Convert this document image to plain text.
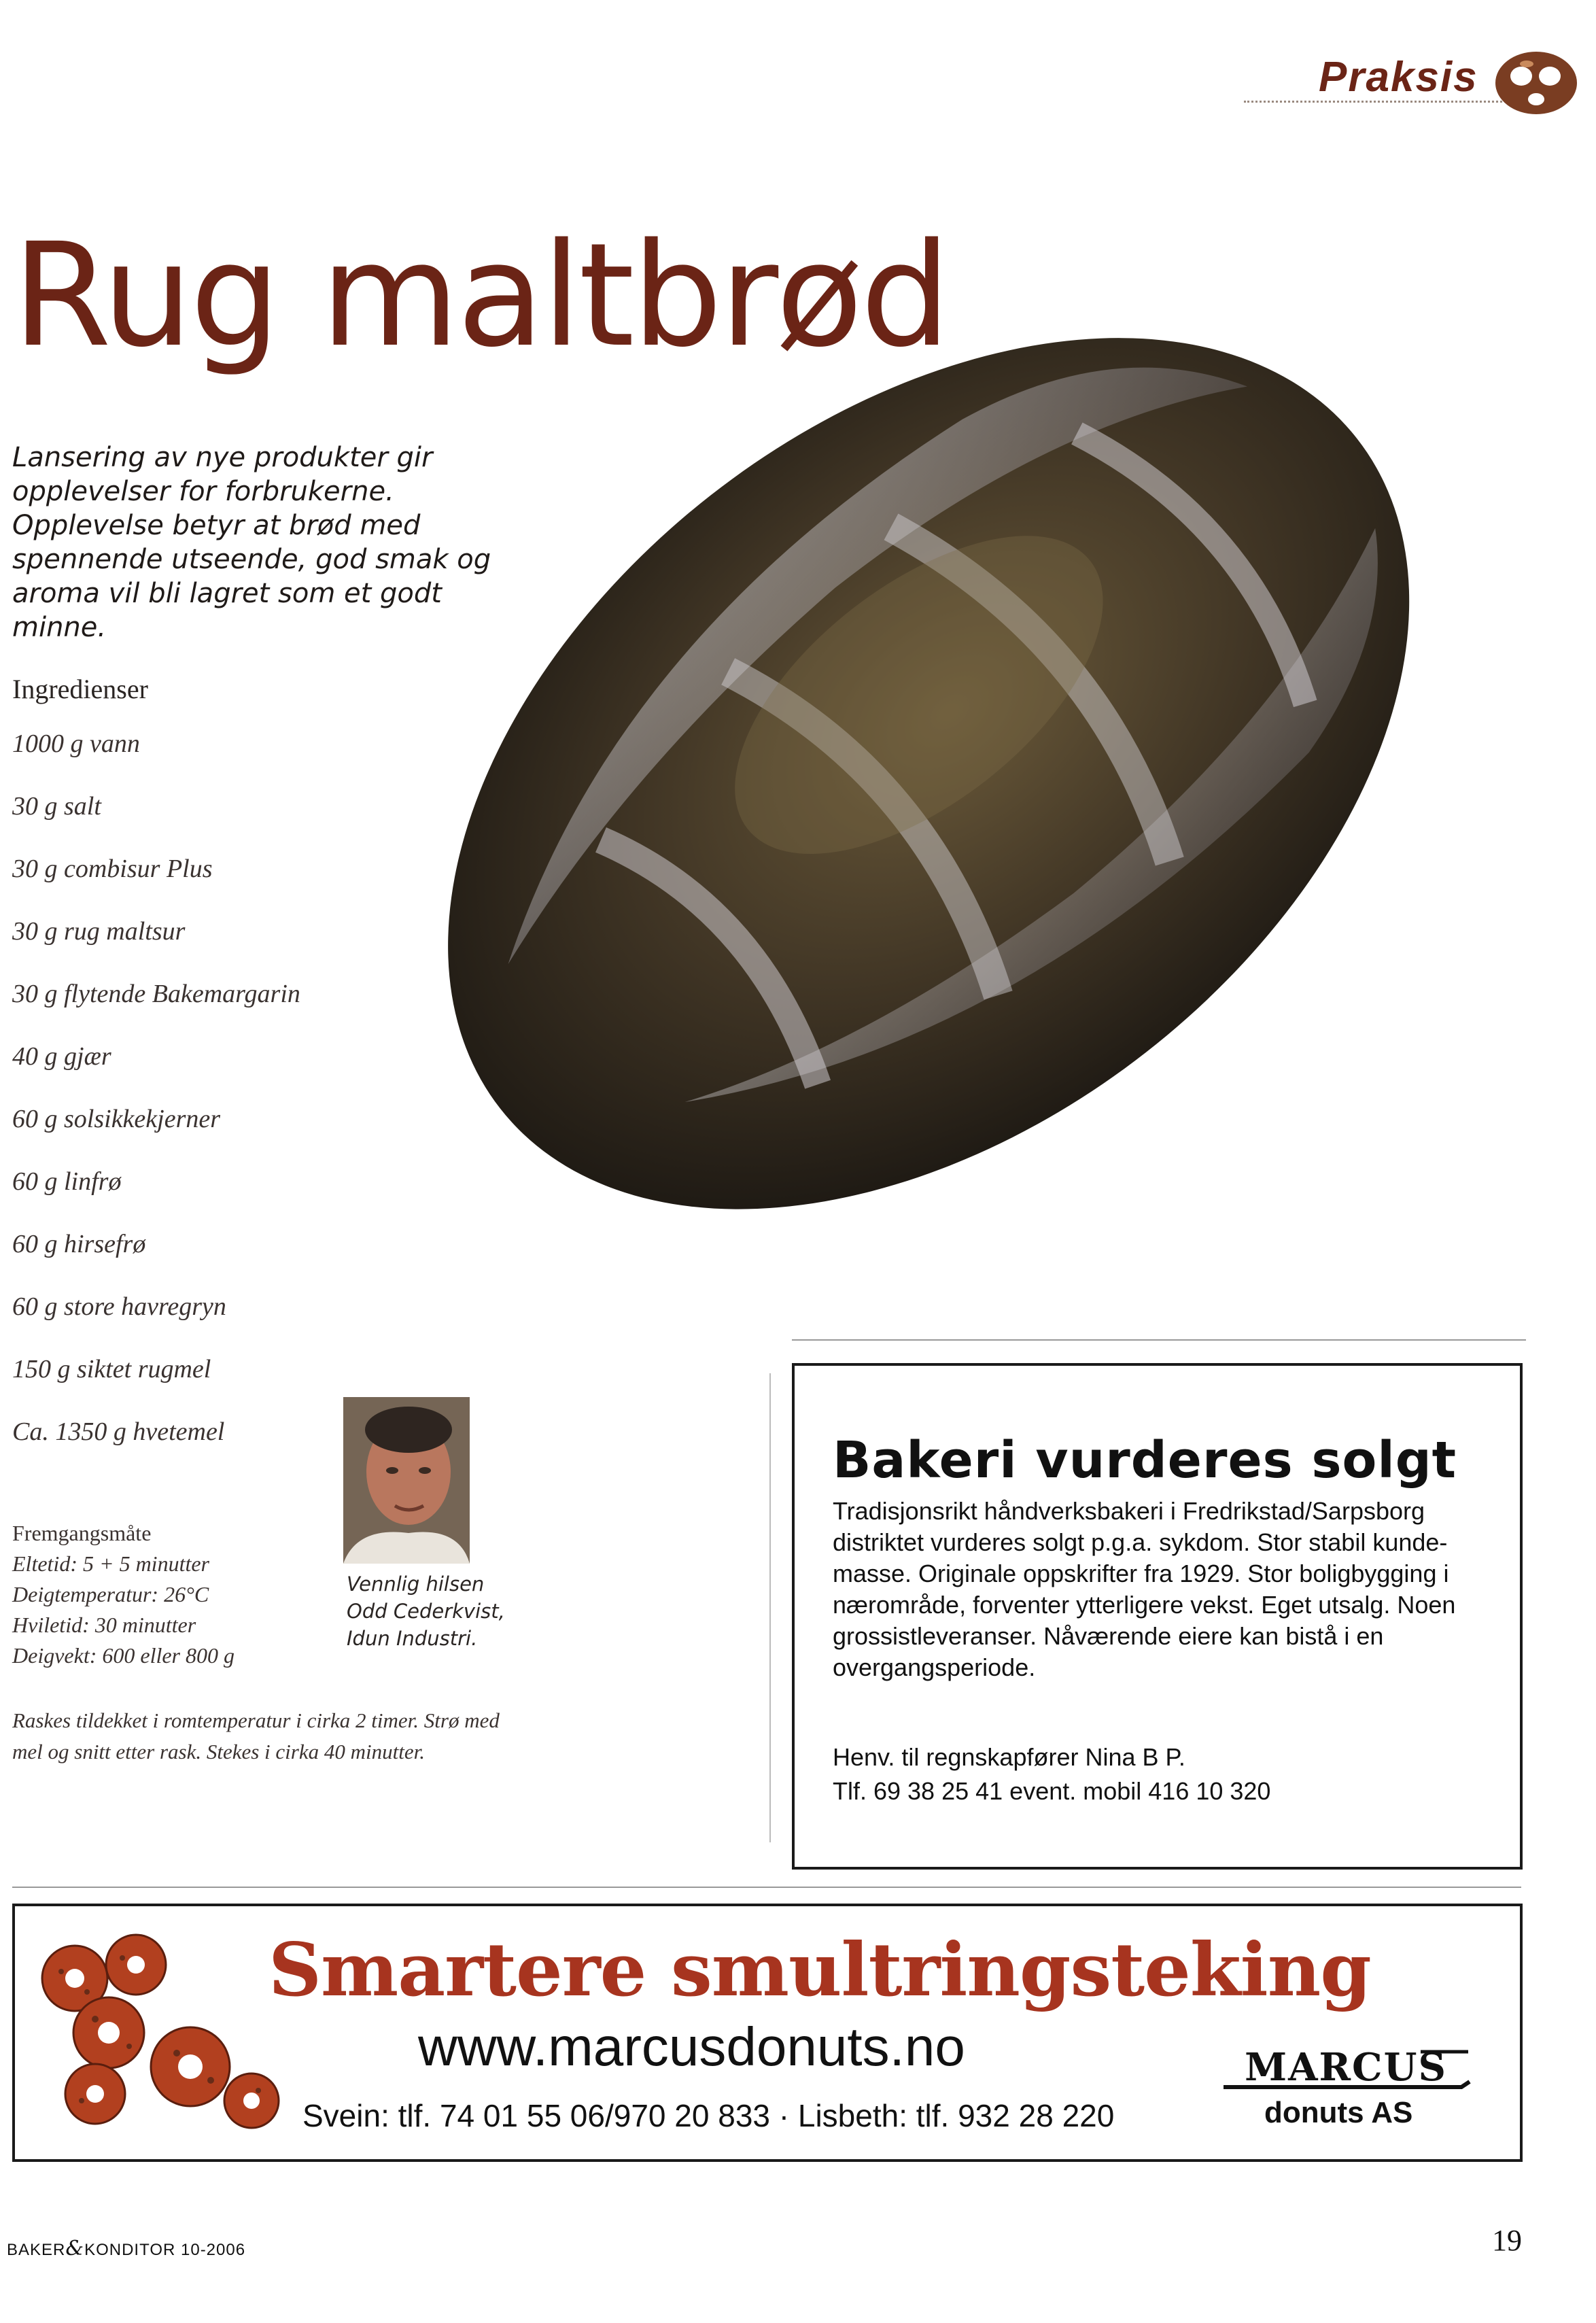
Praksis
Rug maltbrød
Lansering av nye produkter gir opplevelser for forbrukerne. Opplevelse betyr at brød med spennende utseende, god smak og aroma vil bli lagret som et godt minne.
Ingredienser
1000 g vann
30 g salt
30 g combisur Plus
30 g rug maltsur
30 g flytende Bakemargarin
40 g gjær
60 g solsikkekjerner
60 g linfrø
60 g hirsefrø
60 g store havregryn
150 g siktet rugmel
Ca. 1350 g hvetemel
Fremgangsmåte
Eltetid: 5 + 5 minutter
Deigtemperatur: 26°C
Hviletid: 30 minutter
Deigvekt: 600 eller 800 g
Vennlig hilsen
Odd Cederkvist,
Idun Industri.
Raskes tildekket i romtemperatur i cirka 2 timer. Strø med mel og snitt etter rask. Stekes i cirka 40 minutter.
Bakeri vurderes solgt
Tradisjonsrikt håndverksbakeri i Fredrikstad/Sarpsborg
distriktet vurderes solgt p.g.a. sykdom. Stor stabil kunde-
masse. Originale oppskrifter fra 1929. Stor boligbygging i
nærområde, forventer ytterligere vekst. Eget utsalg. Noen
grossistleveranser. Nåværende eiere kan bistå i en
overgangsperiode.
Henv. til regnskapfører Nina B P.
Tlf. 69 38 25 41 event. mobil 416 10 320
Smartere smultringsteking
www.marcusdonuts.no
Svein: tlf. 74 01 55 06/970 20 833 · Lisbeth: tlf. 932 28 220
MARCUS
donuts AS
BAKER&KONDITOR 10-2006	19
